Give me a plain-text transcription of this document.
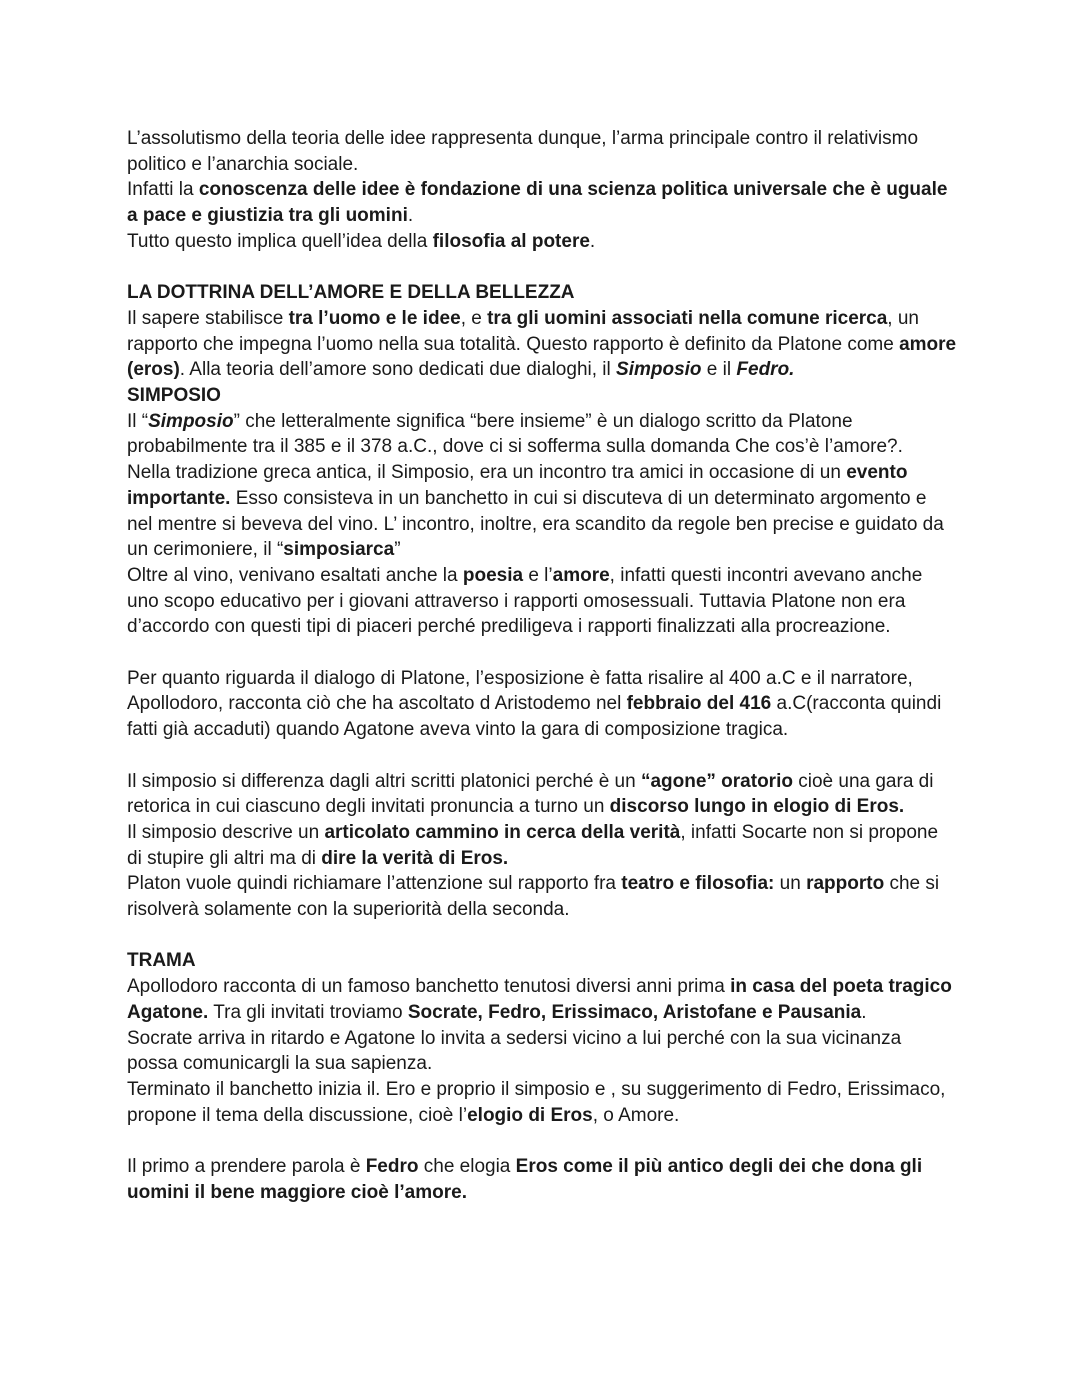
L’assolutismo della teoria delle idee rappresenta dunque, l’arma principale contro il relativismo politico e l’anarchia sociale.

Infatti la conoscenza delle idee è fondazione di una scienza politica universale che è uguale a pace e giustizia tra gli uomini.

Tutto questo implica quell’idea della filosofia al potere.

LA DOTTRINA DELL’AMORE E DELLA BELLEZZA

Il sapere stabilisce tra l’uomo e le idee, e tra gli uomini associati nella comune ricerca, un rapporto che impegna l’uomo nella sua totalità. Questo rapporto è definito da Platone come amore (eros). Alla teoria dell’amore sono dedicati due dialoghi, il Simposio e il Fedro.

SIMPOSIO

Il “Simposio” che letteralmente significa “bere insieme” è un dialogo scritto da Platone probabilmente tra il 385 e il 378 a.C., dove ci si sofferma sulla domanda Che cos’è l’amore?.

Nella tradizione greca antica, il Simposio, era un incontro tra amici in occasione di un evento importante. Esso consisteva in un banchetto in cui si discuteva di un determinato argomento e nel mentre si beveva del vino. L’ incontro, inoltre, era scandito da regole ben precise e guidato da un cerimoniere, il “simposiarca”

Oltre al vino, venivano esaltati anche la poesia e l’amore, infatti questi incontri avevano anche uno scopo educativo per i giovani attraverso i rapporti omosessuali. Tuttavia Platone non era d’accordo con questi tipi di piaceri perché prediligeva i rapporti finalizzati alla procreazione.

Per quanto riguarda il dialogo di Platone, l’esposizione è fatta risalire al 400 a.C e il narratore, Apollodoro, racconta ciò che ha ascoltato d Aristodemo nel febbraio del 416 a.C(racconta quindi fatti già accaduti) quando Agatone aveva vinto la gara di composizione tragica.

Il simposio si differenza dagli altri scritti platonici perché è un “agone” oratorio cioè una gara di retorica in cui ciascuno degli invitati pronuncia a turno un discorso lungo in elogio di Eros.

Il simposio descrive un articolato cammino in cerca della verità, infatti Socarte non si propone di stupire gli altri ma di dire la verità di Eros.

Platon vuole quindi richiamare l’attenzione sul rapporto fra teatro e filosofia: un rapporto che si risolverà solamente con la superiorità della seconda.

TRAMA

Apollodoro racconta di un famoso banchetto tenutosi diversi anni prima in casa del poeta tragico Agatone. Tra gli invitati troviamo Socrate, Fedro, Erissimaco, Aristofane e Pausania.

Socrate arriva in ritardo e Agatone lo invita a sedersi vicino a lui perché con la sua vicinanza possa comunicargli la sua sapienza.

Terminato il banchetto inizia il. Ero e proprio il simposio e , su suggerimento di Fedro, Erissimaco, propone il tema della discussione, cioè l’elogio di Eros, o Amore.

Il primo a prendere parola è Fedro che elogia Eros come il più antico degli dei che dona gli uomini il bene maggiore cioè l’amore.
